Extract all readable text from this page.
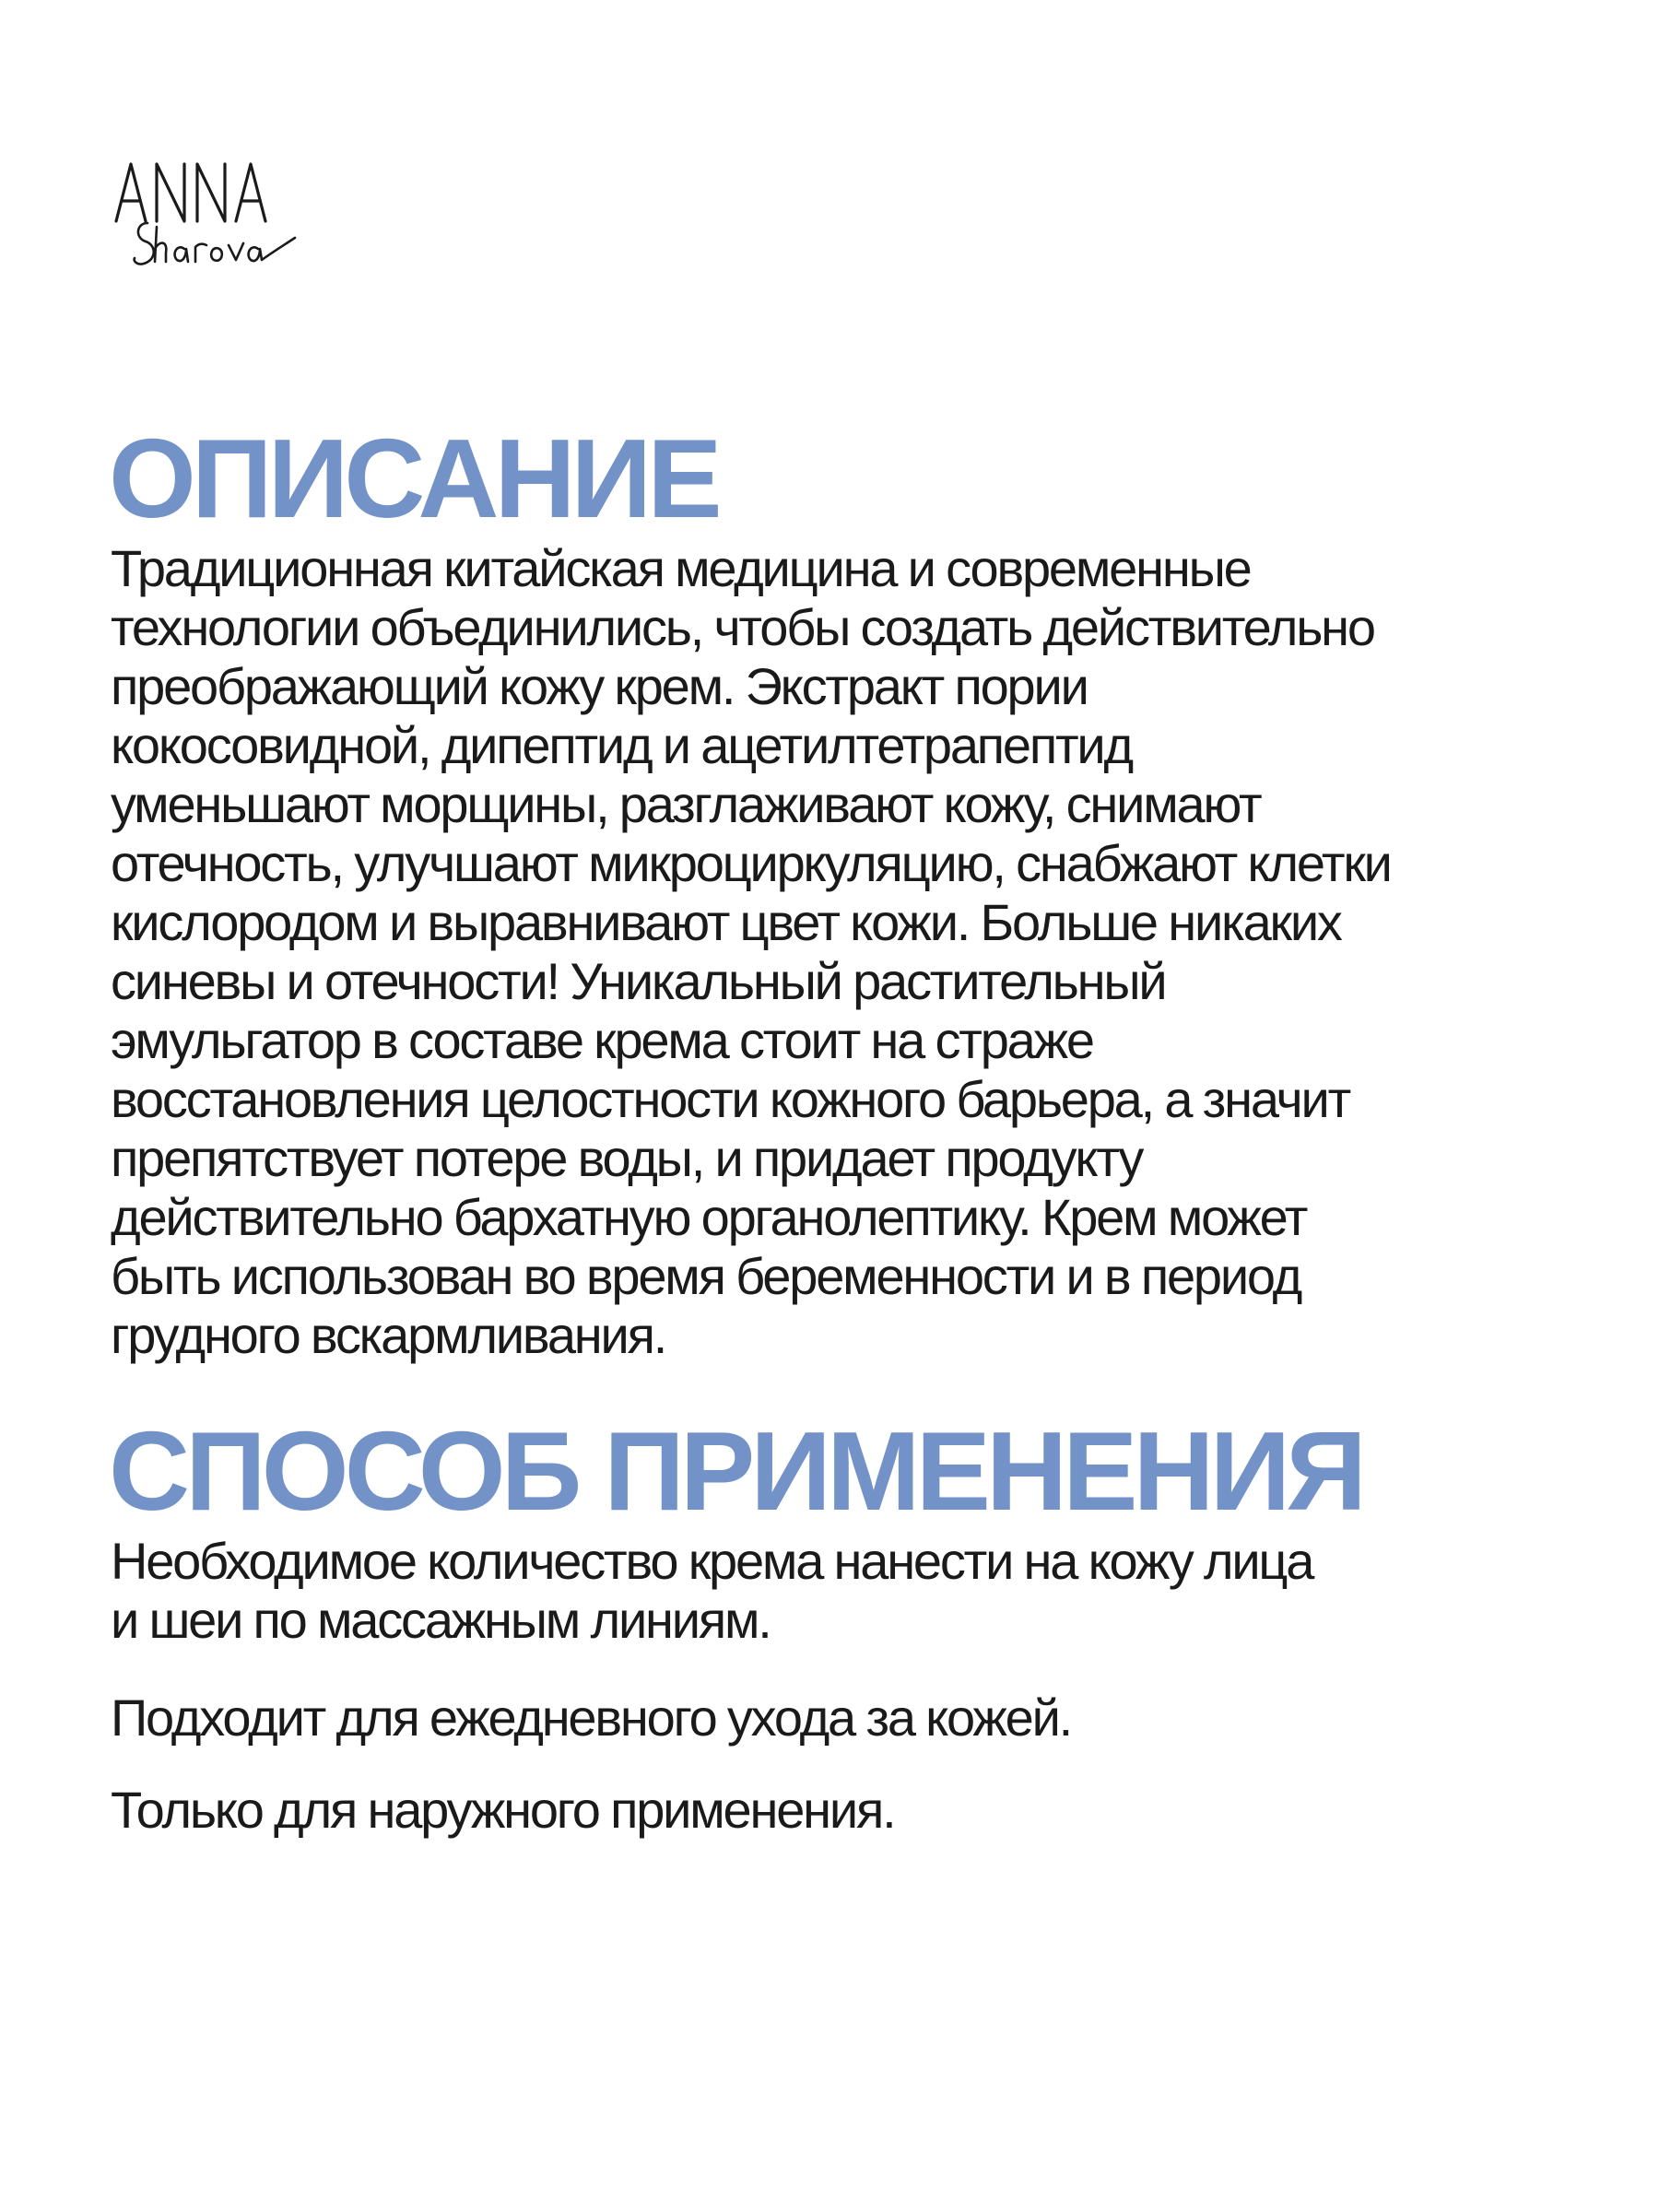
ОПИСАНИЕ

Традиционная китайская медицина и современные
технологии объединились, чтобы создать действительно
преображающий кожу крем. Экстракт пории
кокосовидной, дипептид и ацетилтетрапептид
уменьшают морщины, разглаживают кожу, снимают
отечность, улучшают микроциркуляцию, снабжают клетки
кислородом и выравнивают цвет кожи. Больше никаких
синевы и отечности! Уникальный растительный
эмульгатор в составе крема стоит на страже
восстановления целостности кожного барьера, а значит
препятствует потере воды, и придает продукту
действительно бархатную органолептику. Крем может
быть использован во время беременности и в период
грудного вскармливания.

СПОСОБ ПРИМЕНЕНИЯ

Необходимое количество крема нанести на кожу лица
и шеи по массажным линиям.

Подходит для ежедневного ухода за кожей.

Только для наружного применения.
